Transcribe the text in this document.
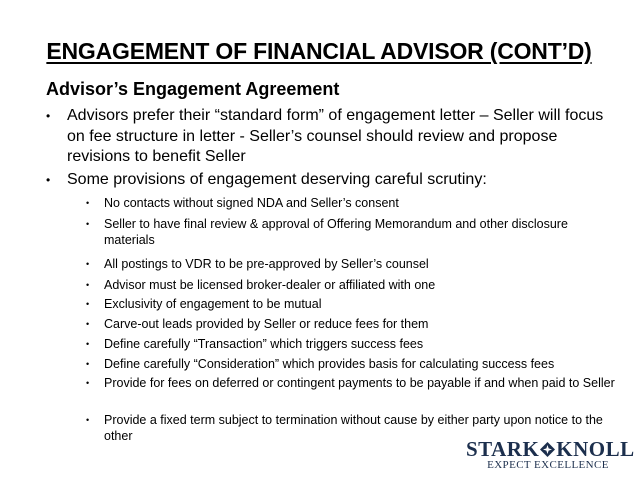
ENGAGEMENT OF FINANCIAL ADVISOR (CONT’D)
Advisor’s Engagement Agreement
• Advisors prefer their “standard form” of engagement letter – Seller will focus on fee structure in letter - Seller’s counsel should review and propose revisions to benefit Seller
• Some provisions of engagement deserving careful scrutiny:
• No contacts without signed NDA and Seller’s consent
• Seller to have final review & approval of Offering Memorandum and other disclosure materials
• All postings to VDR to be pre-approved by Seller’s counsel
• Advisor must be licensed broker-dealer or affiliated with one
• Exclusivity of engagement to be mutual
• Carve-out leads provided by Seller or reduce fees for them
• Define carefully “Transaction” which triggers success fees
• Define carefully “Consideration” which provides basis for calculating success fees
• Provide for fees on deferred or contingent payments to be payable if and when paid to Seller
• Provide a fixed term subject to termination without cause by either party upon notice to the other
STARK KNOLL
EXPECT EXCELLENCE
